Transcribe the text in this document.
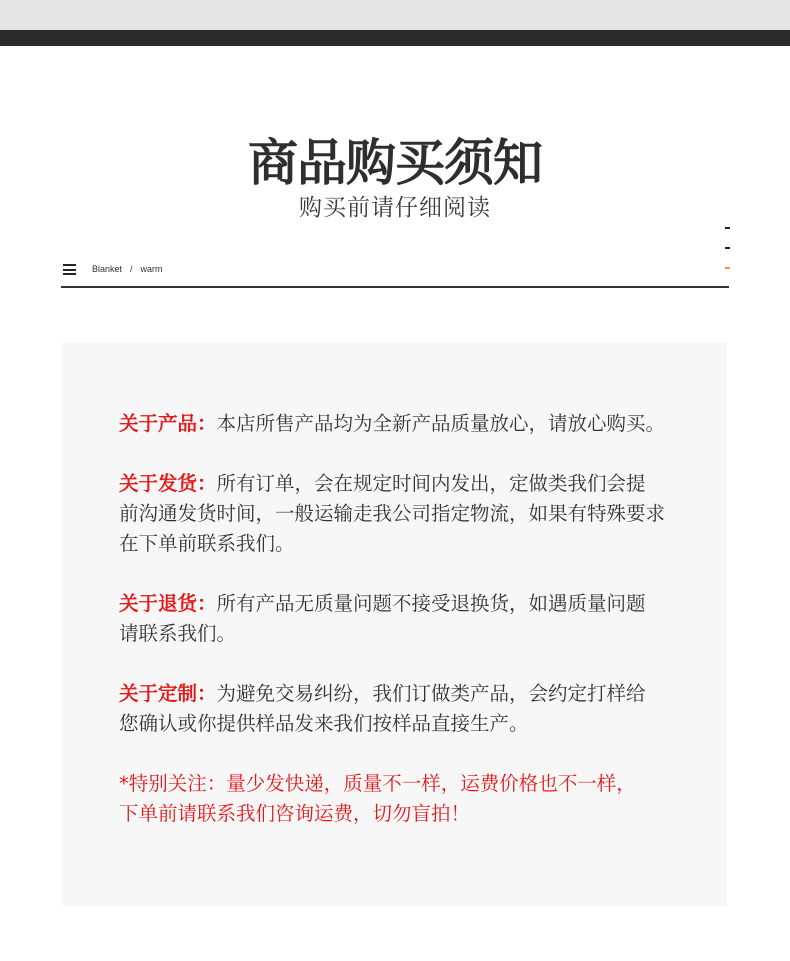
商品购买须知
购买前请仔细阅读
Blanket / warm
关于产品：本店所售产品均为全新产品质量放心，请放心购买。
关于发货：所有订单，会在规定时间内发出，定做类我们会提
前沟通发货时间，一般运输走我公司指定物流，如果有特殊要求
在下单前联系我们。
关于退货：所有产品无质量问题不接受退换货，如遇质量问题
请联系我们。
关于定制：为避免交易纠纷，我们订做类产品，会约定打样给
您确认或你提供样品发来我们按样品直接生产。
*特别关注：量少发快递，质量不一样，运费价格也不一样，
下单前请联系我们咨询运费，切勿盲拍！
